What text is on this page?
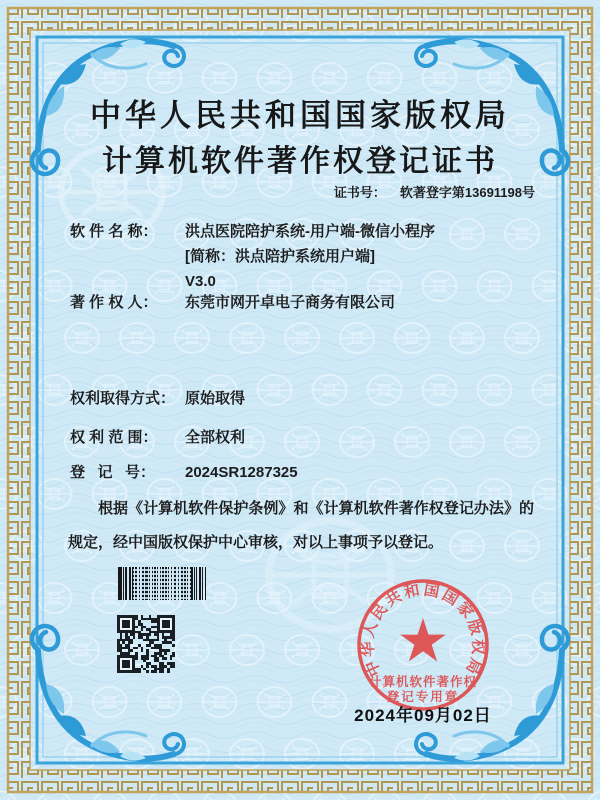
中华人民共和国国家版权局
计算机软件著作权登记证书
证书号： 软著登字第13691198号
软 件 名 称： 洪点医院陪护系统-用户端-微信小程序
[简称：洪点陪护系统用户端]
V3.0
著 作 权 人： 东莞市网开卓电子商务有限公司
权利取得方式： 原始取得
权 利 范 围： 全部权利
登   记   号： 2024SR1287325

根据《计算机软件保护条例》和《计算机软件著作权登记办法》的规定，经中国版权保护中心审核，对以上事项予以登记。

中华人民共和国国家版权局
计算机软件著作权
登记专用章
2024年09月02日
